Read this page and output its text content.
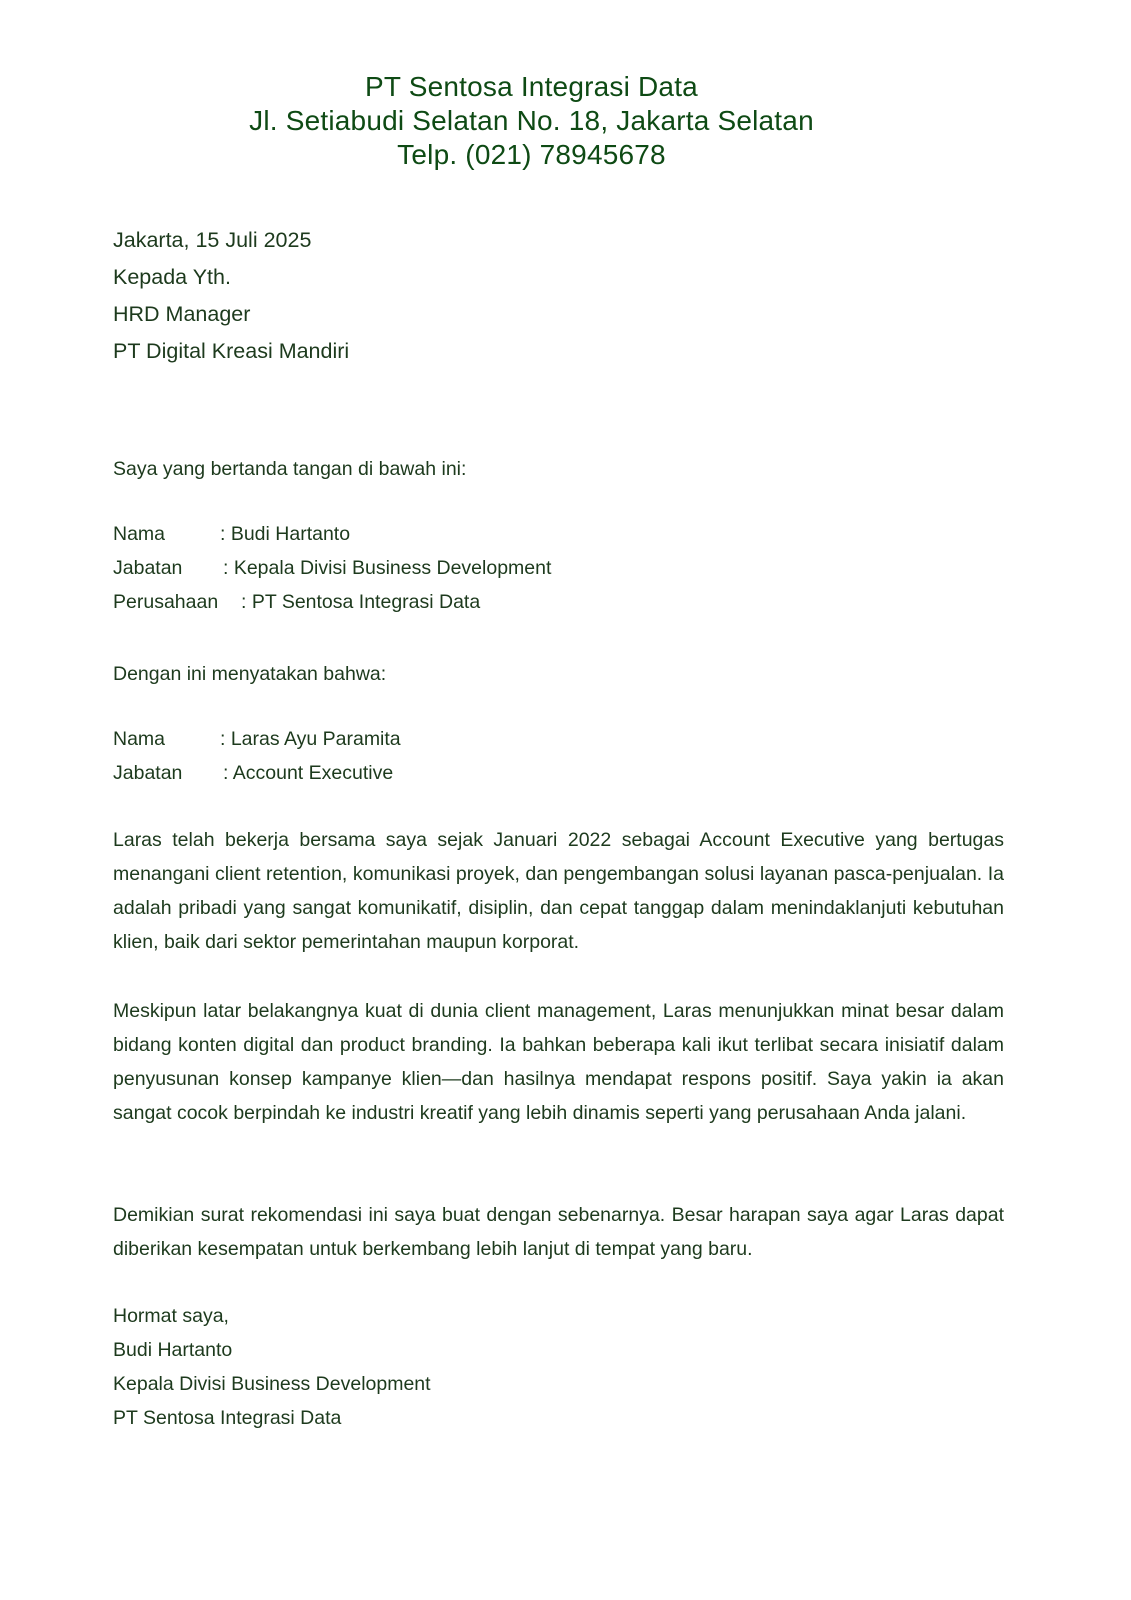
PT Sentosa Integrasi Data
Jl. Setiabudi Selatan No. 18, Jakarta Selatan
Telp. (021) 78945678
Jakarta, 15 Juli 2025
Kepada Yth.
HRD Manager
PT Digital Kreasi Mandiri
Saya yang bertanda tangan di bawah ini:
Nama	: Budi Hartanto
Jabatan : Kepala Divisi Business Development
Perusahaan : PT Sentosa Integrasi Data
Dengan ini menyatakan bahwa:
Nama	: Laras Ayu Paramita
Jabatan : Account Executive
Laras telah bekerja bersama saya sejak Januari 2022 sebagai Account Executive yang bertugas menangani client retention, komunikasi proyek, dan pengembangan solusi layanan pasca-penjualan. Ia adalah pribadi yang sangat komunikatif, disiplin, dan cepat tanggap dalam menindaklanjuti kebutuhan klien, baik dari sektor pemerintahan maupun korporat.
Meskipun latar belakangnya kuat di dunia client management, Laras menunjukkan minat besar dalam bidang konten digital dan product branding. Ia bahkan beberapa kali ikut terlibat secara inisiatif dalam penyusunan konsep kampanye klien—dan hasilnya mendapat respons positif. Saya yakin ia akan sangat cocok berpindah ke industri kreatif yang lebih dinamis seperti yang perusahaan Anda jalani.
Demikian surat rekomendasi ini saya buat dengan sebenarnya. Besar harapan saya agar Laras dapat diberikan kesempatan untuk berkembang lebih lanjut di tempat yang baru.
Hormat saya,
Budi Hartanto
Kepala Divisi Business Development
PT Sentosa Integrasi Data
